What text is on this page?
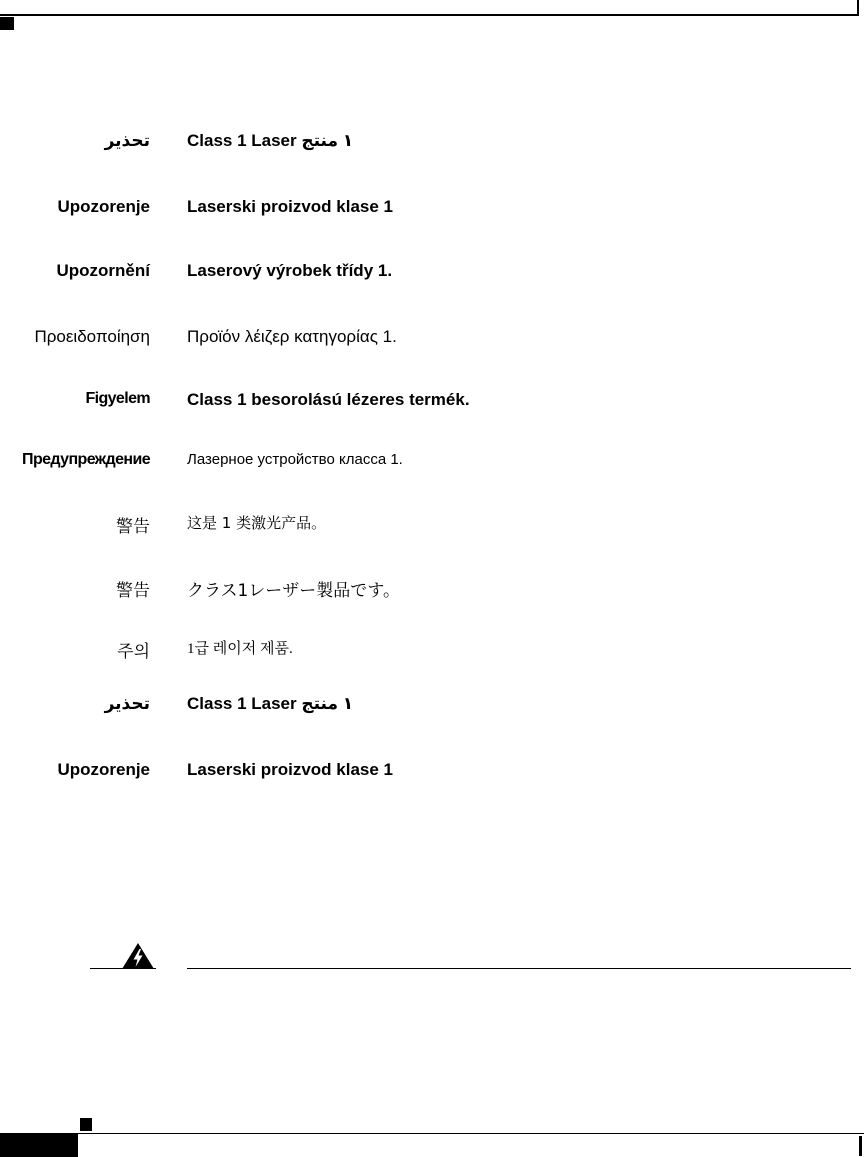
تحذير Class 1 Laser ١ منتج
Upozorenje Laserski proizvod klase 1
Upozornění Laserový výrobek třídy 1.
Προειδοποίηση Προϊόν λέιζερ κατηγορίας 1.
Figyelem Class 1 besorolású lézeres termék.
Предупреждение Лазерное устройство класса 1.
警告 这是 1 类激光产品。
警告 クラス1レーザー製品です。
주의 1급 레이저 제품.
تحذير Class 1 Laser ١ منتج
Upozorenje Laserski proizvod klase 1
